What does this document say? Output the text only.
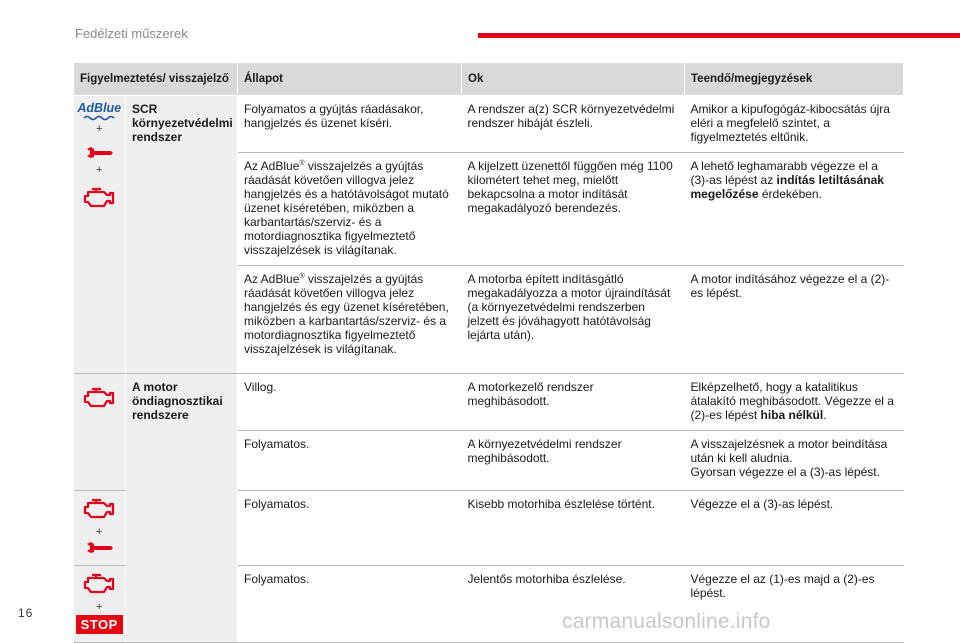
Fedélzeti műszerek
Figyelmeztetés/ visszajelző		Állapot	Ok	Teendő/megjegyzések

AdBlue
+
+	SCR környezetvédelmi rendszer	Folyamatos a gyújtás ráadásakor, hangjelzés és üzenet kíséri.	A rendszer a(z) SCR környezetvédelmi rendszer hibáját észleli.	Amikor a kipufogógáz-kibocsátás újra eléri a megfelelő szintet, a figyelmeztetés eltűnik.
		Az AdBlue® visszajelzés a gyújtás ráadását követően villogva jelez hangjelzés és a hatótávolságot mutató üzenet kíséretében, miközben a karbantartás/szerviz- és a motordiagnosztika figyelmeztető visszajelzések is világítanak.	A kijelzett üzenettől függően még 1100 kilométert tehet meg, mielőtt bekapcsolna a motor indítását megakadályozó berendezés.	A lehető leghamarabb végezze el a (3)-as lépést az indítás letiltásának megelőzése érdekében.
		Az AdBlue® visszajelzés a gyújtás ráadását követően villogva jelez hangjelzés és egy üzenet kíséretében, miközben a karbantartás/szerviz- és a motordiagnosztika figyelmeztető visszajelzések is világítanak.	A motorba épített indításgátló megakadályozza a motor újraindítását (a környezetvédelmi rendszerben jelzett és jóváhagyott hatótávolság lejárta után).	A motor indításához végezze el a (2)-es lépést.

	A motor öndiagnosztikai rendszere	Villog.	A motorkezelő rendszer meghibásodott.	Elképzelhető, hogy a katalitikus átalakító meghibásodott. Végezze el a (2)-es lépést hiba nélkül.
		Folyamatos.	A környezetvédelmi rendszer meghibásodott.	A visszajelzésnek a motor beindítása után ki kell aludnia.
Gyorsan végezze el a (3)-as lépést.

+		Folyamatos.	Kisebb motorhiba észlelése történt.	Végezze el a (3)-as lépést.

+
STOP		Folyamatos.	Jelentős motorhiba észlelése.	Végezze el az (1)-es majd a (2)-es lépést.
16	carmanualsonline.info
